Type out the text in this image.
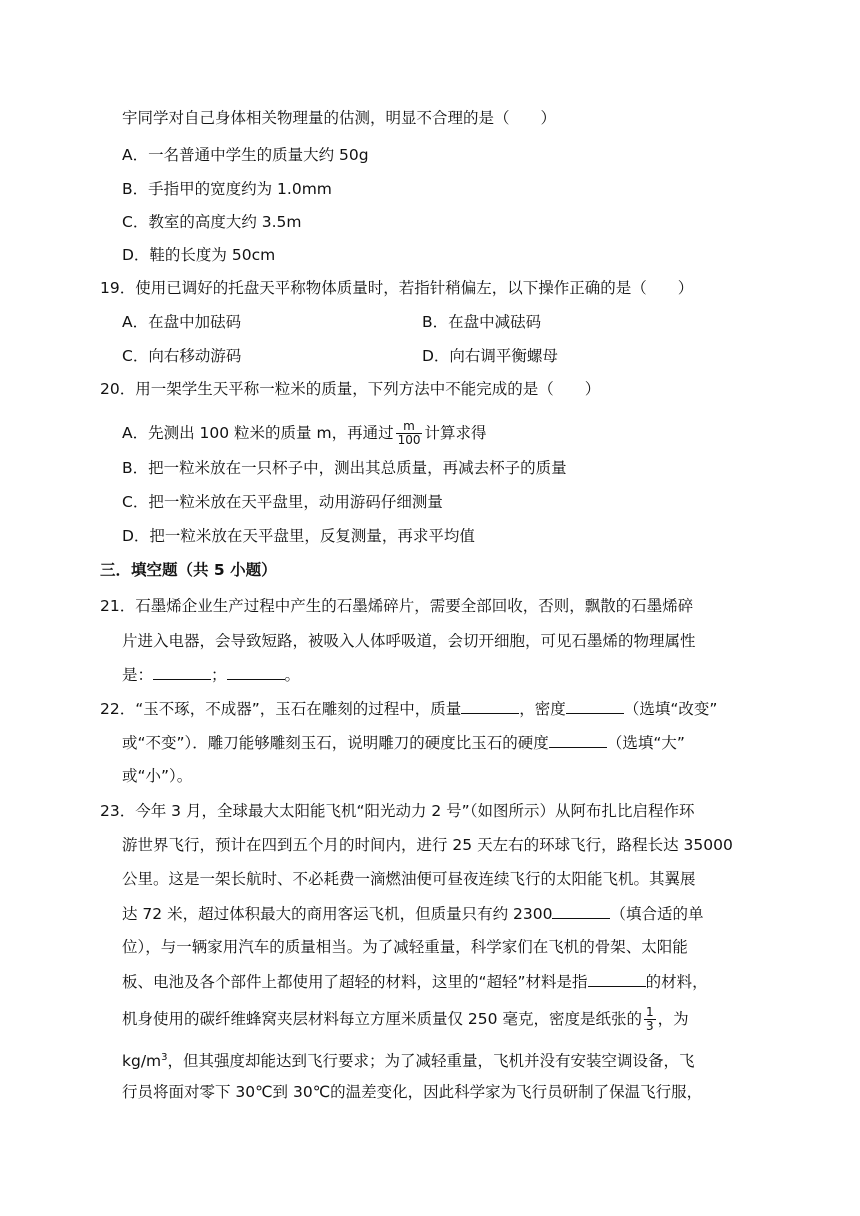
宇同学对自己身体相关物理量的估测，明显不合理的是（　　）
A．一名普通中学生的质量大约 50g
B．手指甲的宽度约为 1.0mm
C．教室的高度大约 3.5m
D．鞋的长度为 50cm
19．使用已调好的托盘天平称物体质量时，若指针稍偏左，以下操作正确的是（　　）
A．在盘中加砝码	B．在盘中减砝码
C．向右移动游码	D．向右调平衡螺母
20．用一架学生天平称一粒米的质量，下列方法中不能完成的是（　　）
A．先测出 100 粒米的质量 m，再通过 $\frac{m}{100}$ 计算求得
B．把一粒米放在一只杯子中，测出其总质量，再减去杯子的质量
C．把一粒米放在天平盘里，动用游码仔细测量
D．把一粒米放在天平盘里，反复测量，再求平均值
三．填空题（共 5 小题）
21．石墨烯企业生产过程中产生的石墨烯碎片，需要全部回收，否则，飘散的石墨烯碎
片进入电器，会导致短路，被吸入人体呼吸道，会切开细胞，可见石墨烯的物理属性
是：	；	。
22．“玉不琢，不成器”，玉石在雕刻的过程中，质量	，密度	（选填“改变”
或“不变”）．雕刀能够雕刻玉石，说明雕刀的硬度比玉石的硬度	（选填“大”
或“小”）。
23．今年 3 月，全球最大太阳能飞机“阳光动力 2 号”（如图所示）从阿布扎比启程作环
游世界飞行，预计在四到五个月的时间内，进行 25 天左右的环球飞行，路程长达 35000
公里。这是一架长航时、不必耗费一滴燃油便可昼夜连续飞行的太阳能飞机。其翼展
达 72 米，超过体积最大的商用客运飞机，但质量只有约 2300	（填合适的单
位），与一辆家用汽车的质量相当。为了减轻重量，科学家们在飞机的骨架、太阳能
板、电池及各个部件上都使用了超轻的材料，这里的“超轻”材料是指	的材料，
机身使用的碳纤维蜂窝夹层材料每立方厘米质量仅 250 毫克，密度是纸张的 $\frac{1}{3}$ ，为
$kg/m^3$，但其强度却能达到飞行要求；为了减轻重量，飞机并没有安装空调设备，飞
行员将面对零下 30℃到 30℃的温差变化，因此科学家为飞行员研制了保温飞行服，
